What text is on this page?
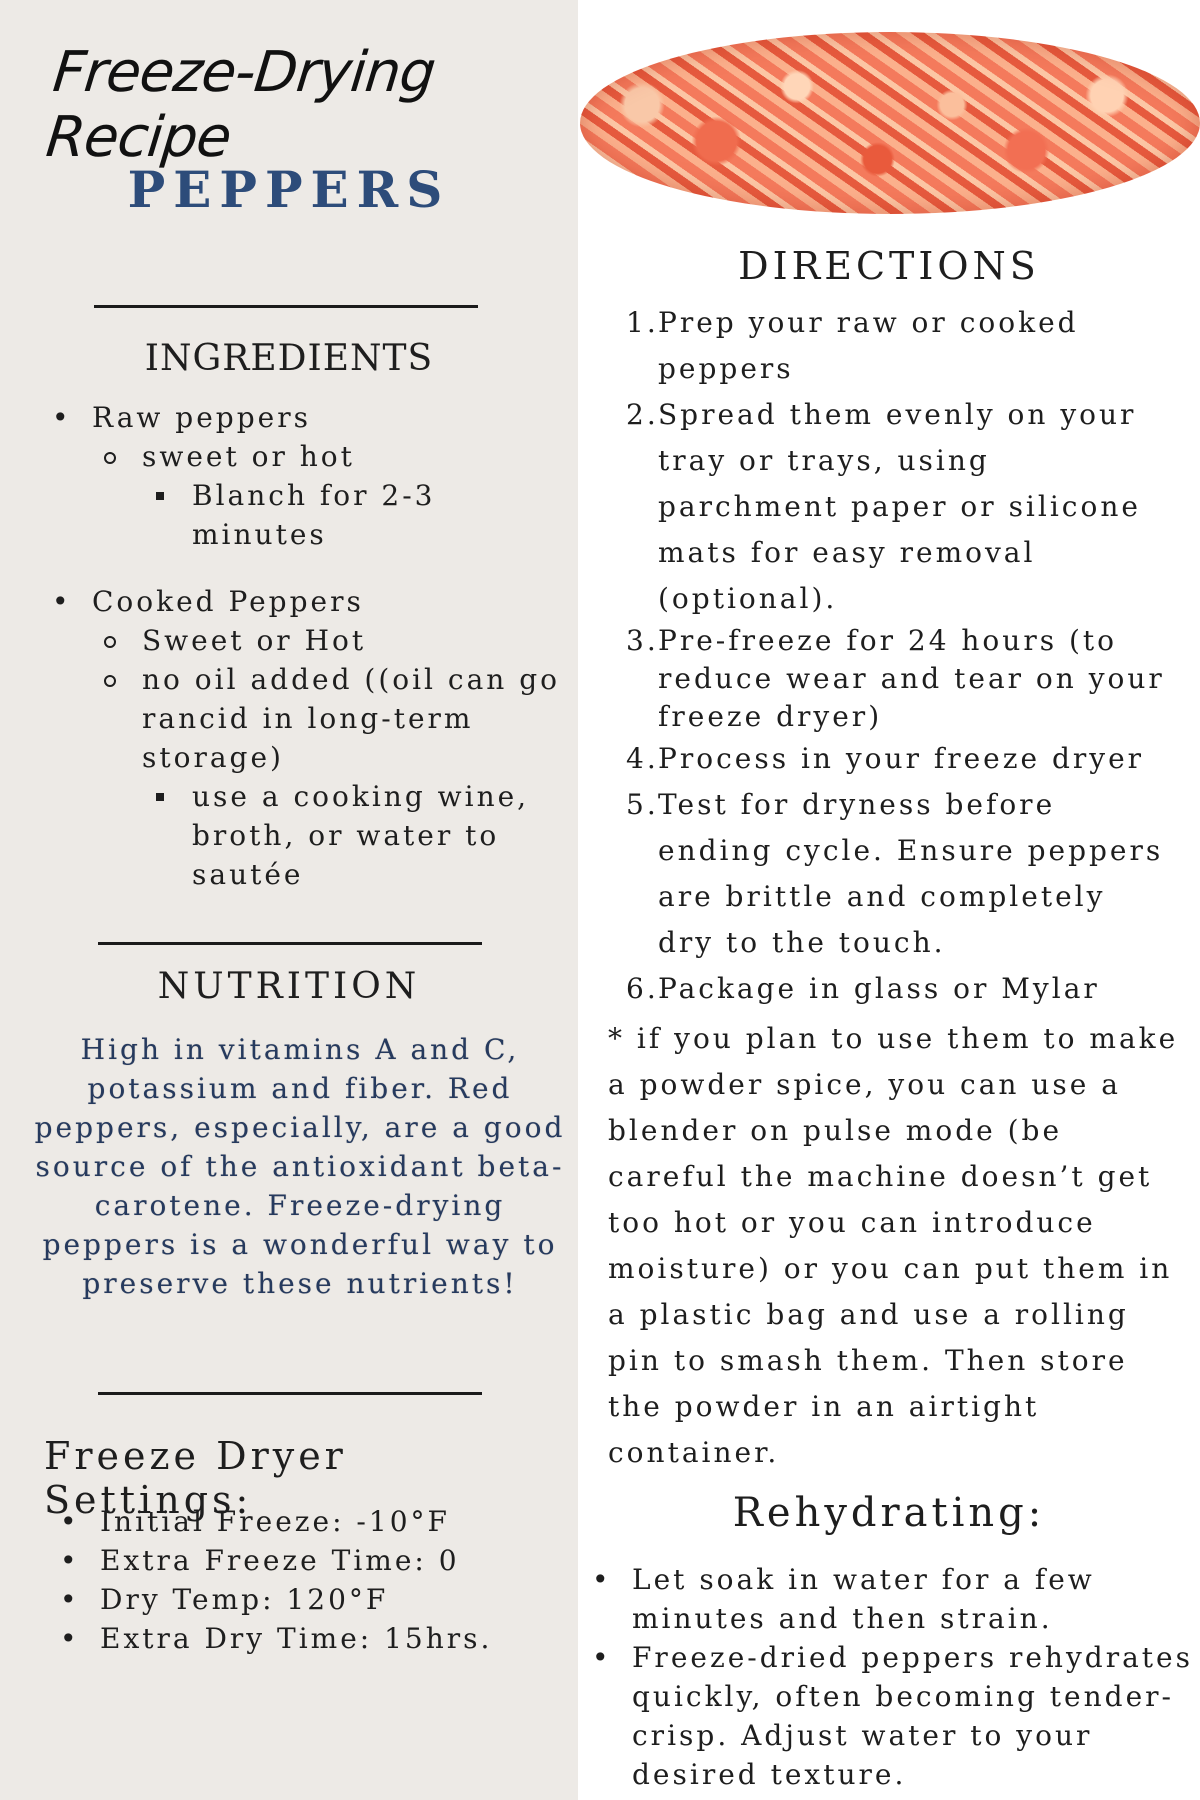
Freeze-Drying Recipe
PEPPERS
INGREDIENTS
• Raw peppers
sweet or hot
Blanch for 2-3 minutes
• Cooked Peppers
Sweet or Hot
no oil added ((oil can go rancid in long-term storage)
use a cooking wine, broth, or water to sautée
NUTRITION

High in vitamins A and C, potassium and fiber. Red peppers, especially, are a good source of the antioxidant beta-carotene. Freeze-drying peppers is a wonderful way to preserve these nutrients!

Freeze Dryer Settings:
• Initial Freeze: -10°F
• Extra Freeze Time: 0
• Dry Temp: 120°F
• Extra Dry Time: 15hrs.
DIRECTIONS
1. Prep your raw or cooked peppers
2. Spread them evenly on your tray or trays, using parchment paper or silicone mats for easy removal (optional).
3. Pre-freeze for 24 hours (to reduce wear and tear on your freeze dryer)
4. Process in your freeze dryer
5. Test for dryness before ending cycle. Ensure peppers are brittle and completely dry to the touch.
6. Package in glass or Mylar

* if you plan to use them to make a powder spice, you can use a blender on pulse mode (be careful the machine doesn’t get too hot or you can introduce moisture) or you can put them in a plastic bag and use a rolling pin to smash them. Then store the powder in an airtight container.

Rehydrating:
• Let soak in water for a few minutes and then strain.
• Freeze-dried peppers rehydrates quickly, often becoming tender-crisp. Adjust water to your desired texture.
